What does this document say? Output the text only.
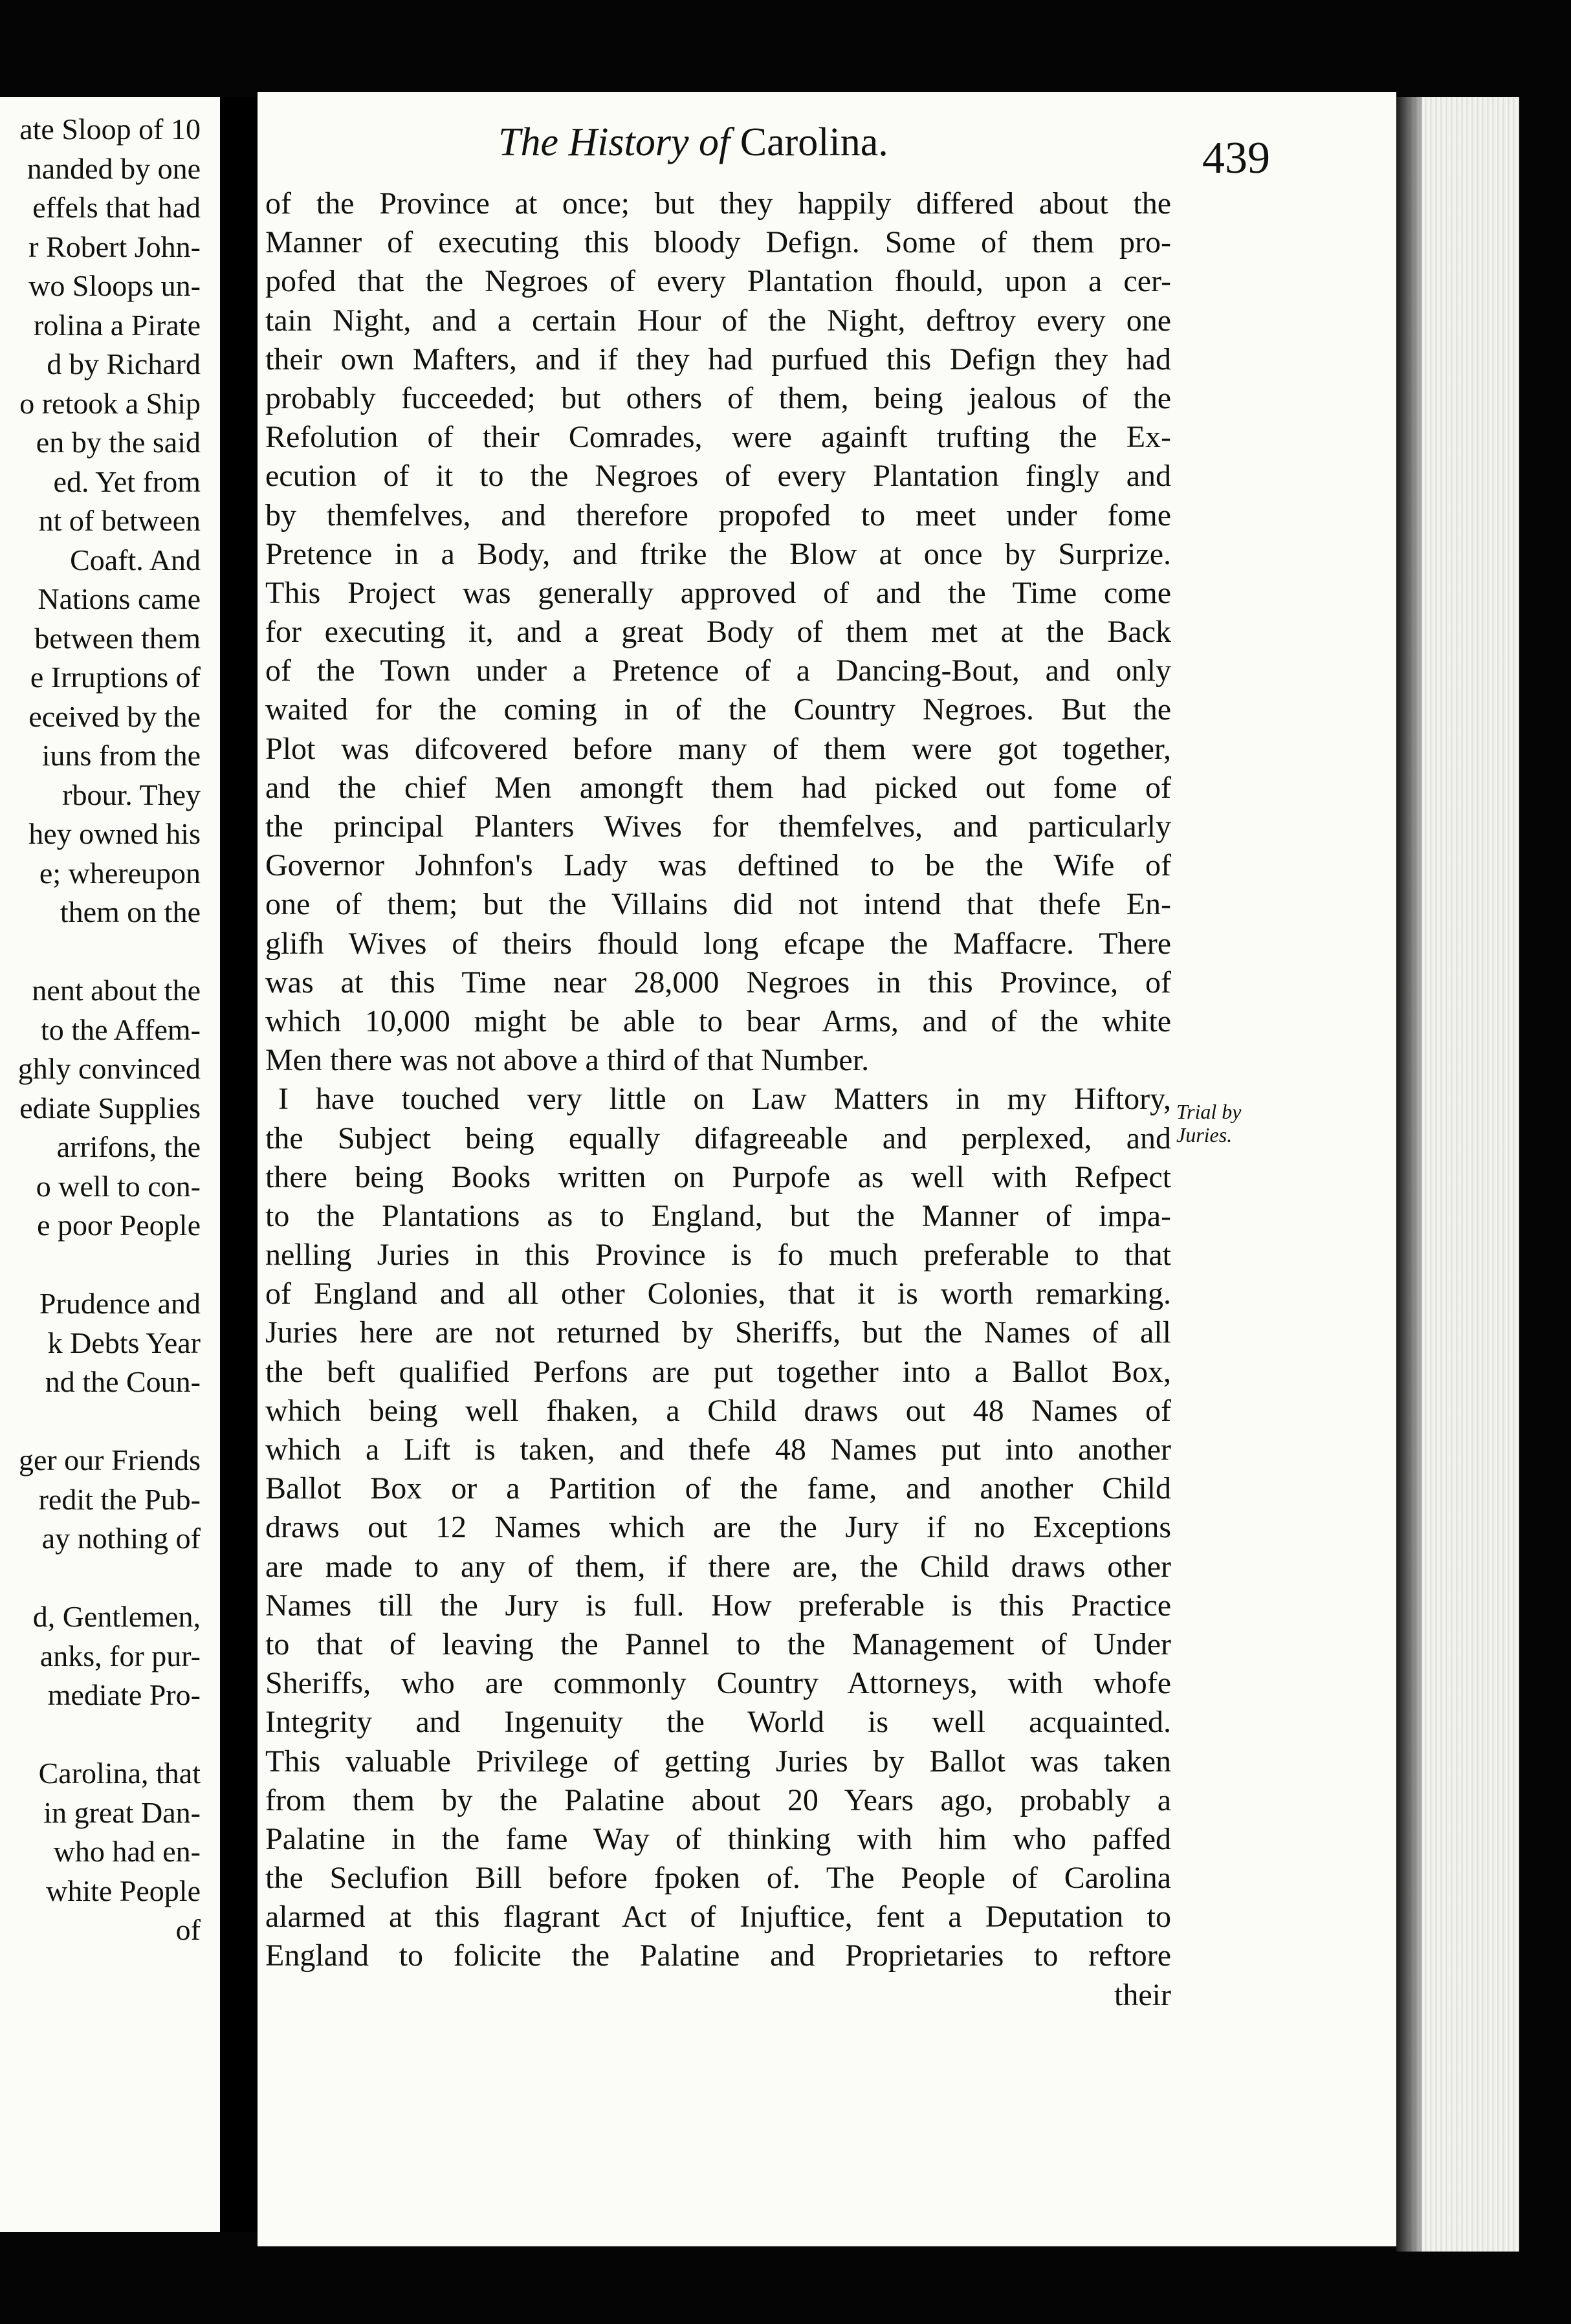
ate Sloop of 10
nanded by one
effels that had
r Robert John-
wo Sloops un-
rolina a Pirate
d by Richard
o retook a Ship
en by the said
ed. Yet from
nt of between
Coaft. And
Nations came
between them
e Irruptions of
eceived by the
iuns from the
rbour. They
hey owned his
e; whereupon
them on the
nent about the
to the Affem-
ghly convinced
ediate Supplies
arrifons, the
o well to con-
e poor People
Prudence and
k Debts Year
nd the Coun-
ger our Friends
redit the Pub-
ay nothing of
d, Gentlemen,
anks, for pur-
mediate Pro-
Carolina, that
in great Dan-
who had en-
white People
of
The History of Carolina.	439
Trial by
Juries.
of the Province at once; but they happily differed about the
Manner of executing this bloody Defign. Some of them pro-
pofed that the Negroes of every Plantation fhould, upon a cer-
tain Night, and a certain Hour of the Night, deftroy every one
their own Mafters, and if they had purfued this Defign they had
probably fucceeded; but others of them, being jealous of the
Refolution of their Comrades, were againft trufting the Ex-
ecution of it to the Negroes of every Plantation fingly and
by themfelves, and therefore propofed to meet under fome
Pretence in a Body, and ftrike the Blow at once by Surprize.
This Project was generally approved of and the Time come
for executing it, and a great Body of them met at the Back
of the Town under a Pretence of a Dancing-Bout, and only
waited for the coming in of the Country Negroes. But the
Plot was difcovered before many of them were got together,
and the chief Men amongft them had picked out fome of
the principal Planters Wives for themfelves, and particularly
Governor Johnfon's Lady was deftined to be the Wife of
one of them; but the Villains did not intend that thefe En-
glifh Wives of theirs fhould long efcape the Maffacre. There
was at this Time near 28,000 Negroes in this Province, of
which 10,000 might be able to bear Arms, and of the white
Men there was not above a third of that Number.
I have touched very little on Law Matters in my Hiftory,
the Subject being equally difagreeable and perplexed, and
there being Books written on Purpofe as well with Refpect
to the Plantations as to England, but the Manner of impa-
nelling Juries in this Province is fo much preferable to that
of England and all other Colonies, that it is worth remarking.
Juries here are not returned by Sheriffs, but the Names of all
the beft qualified Perfons are put together into a Ballot Box,
which being well fhaken, a Child draws out 48 Names of
which a Lift is taken, and thefe 48 Names put into another
Ballot Box or a Partition of the fame, and another Child
draws out 12 Names which are the Jury if no Exceptions
are made to any of them, if there are, the Child draws other
Names till the Jury is full. How preferable is this Practice
to that of leaving the Pannel to the Management of Under
Sheriffs, who are commonly Country Attorneys, with whofe
Integrity and Ingenuity the World is well acquainted.
This valuable Privilege of getting Juries by Ballot was taken
from them by the Palatine about 20 Years ago, probably a
Palatine in the fame Way of thinking with him who paffed
the Seclufion Bill before fpoken of. The People of Carolina
alarmed at this flagrant Act of Injuftice, fent a Deputation to
England to folicite the Palatine and Proprietaries to reftore
their
